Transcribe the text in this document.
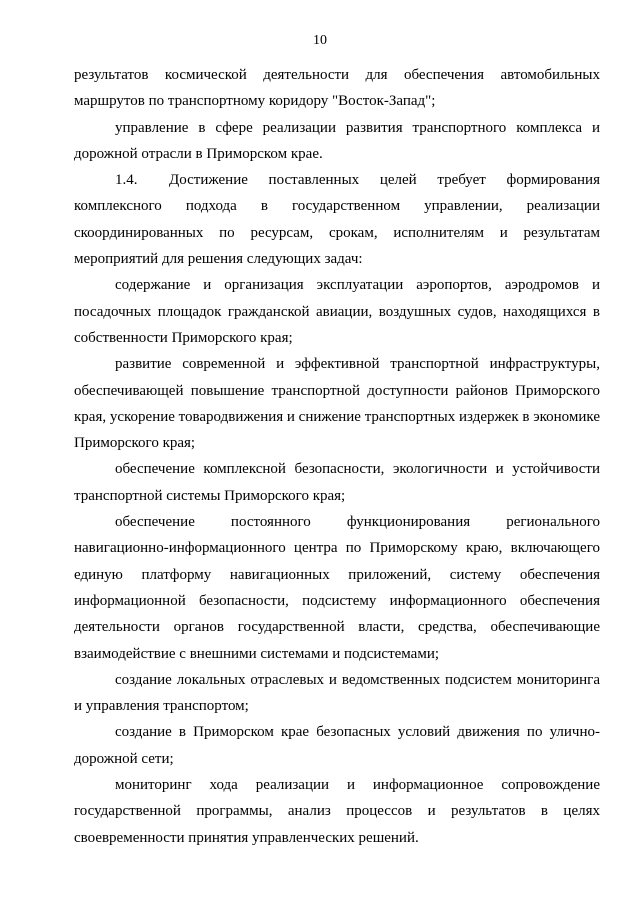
10

результатов космической деятельности для обеспечения автомобильных маршрутов по транспортному коридору "Восток-Запад";

управление в сфере реализации развития транспортного комплекса и дорожной отрасли в Приморском крае.

1.4. Достижение поставленных целей требует формирования комплексного подхода в государственном управлении, реализации скоординированных по ресурсам, срокам, исполнителям и результатам мероприятий для решения следующих задач:

содержание и организация эксплуатации аэропортов, аэродромов и посадочных площадок гражданской авиации, воздушных судов, находящихся в собственности Приморского края;

развитие современной и эффективной транспортной инфраструктуры, обеспечивающей повышение транспортной доступности районов Приморского края, ускорение товародвижения и снижение транспортных издержек в экономике Приморского края;

обеспечение комплексной безопасности, экологичности и устойчивости транспортной системы Приморского края;

обеспечение постоянного функционирования регионального навигационно-информационного центра по Приморскому краю, включающего единую платформу навигационных приложений, систему обеспечения информационной безопасности, подсистему информационного обеспечения деятельности органов государственной власти, средства, обеспечивающие взаимодействие с внешними системами и подсистемами;

создание локальных отраслевых и ведомственных подсистем мониторинга и управления транспортом;

создание в Приморском крае безопасных условий движения по улично-дорожной сети;

мониторинг хода реализации и информационное сопровождение государственной программы, анализ процессов и результатов в целях своевременности принятия управленческих решений.
